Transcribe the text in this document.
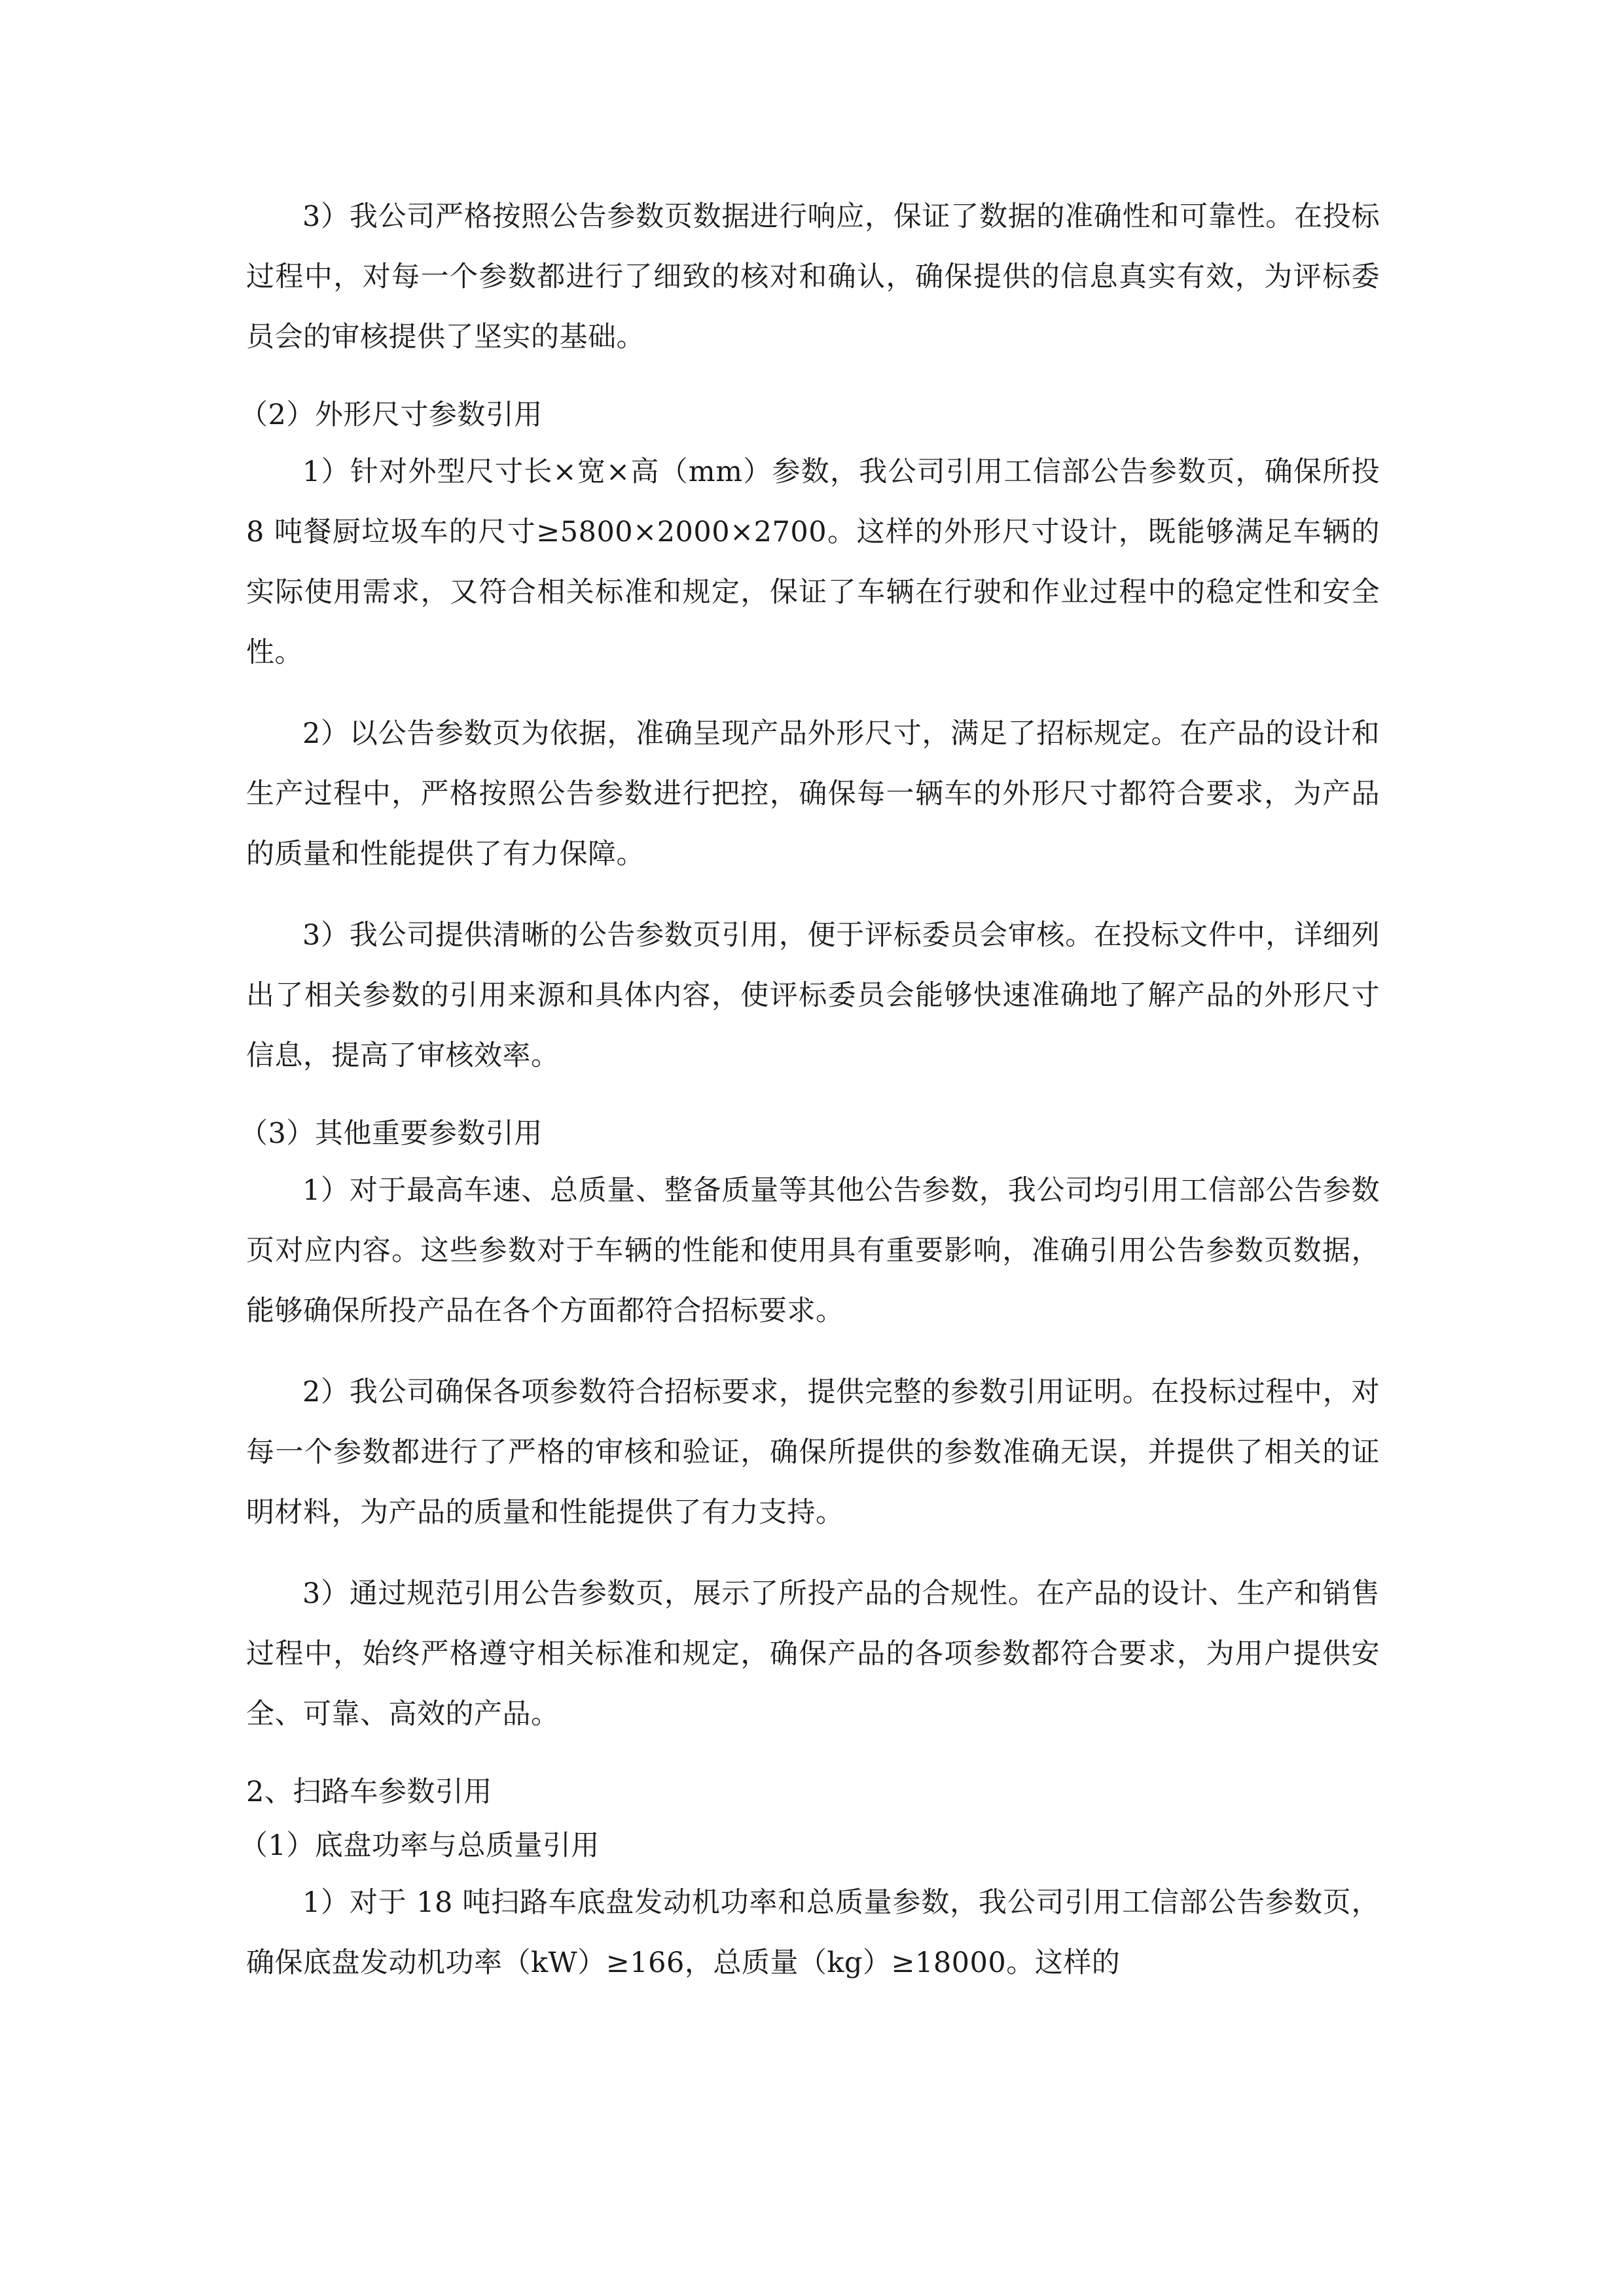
3）我公司严格按照公告参数页数据进行响应，保证了数据的准确性和可靠性。在投标过程中，对每一个参数都进行了细致的核对和确认，确保提供的信息真实有效，为评标委员会的审核提供了坚实的基础。

（2）外形尺寸参数引用

1）针对外型尺寸长×宽×高（mm）参数，我公司引用工信部公告参数页，确保所投 8 吨餐厨垃圾车的尺寸≥5800×2000×2700。这样的外形尺寸设计，既能够满足车辆的实际使用需求，又符合相关标准和规定，保证了车辆在行驶和作业过程中的稳定性和安全性。

2）以公告参数页为依据，准确呈现产品外形尺寸，满足了招标规定。在产品的设计和生产过程中，严格按照公告参数进行把控，确保每一辆车的外形尺寸都符合要求，为产品的质量和性能提供了有力保障。

3）我公司提供清晰的公告参数页引用，便于评标委员会审核。在投标文件中，详细列出了相关参数的引用来源和具体内容，使评标委员会能够快速准确地了解产品的外形尺寸信息，提高了审核效率。

（3）其他重要参数引用

1）对于最高车速、总质量、整备质量等其他公告参数，我公司均引用工信部公告参数页对应内容。这些参数对于车辆的性能和使用具有重要影响，准确引用公告参数页数据，能够确保所投产品在各个方面都符合招标要求。

2）我公司确保各项参数符合招标要求，提供完整的参数引用证明。在投标过程中，对每一个参数都进行了严格的审核和验证，确保所提供的参数准确无误，并提供了相关的证明材料，为产品的质量和性能提供了有力支持。

3）通过规范引用公告参数页，展示了所投产品的合规性。在产品的设计、生产和销售过程中，始终严格遵守相关标准和规定，确保产品的各项参数都符合要求，为用户提供安全、可靠、高效的产品。

2、扫路车参数引用

（1）底盘功率与总质量引用

1）对于 18 吨扫路车底盘发动机功率和总质量参数，我公司引用工信部公告参数页，确保底盘发动机功率（kW）≥166，总质量（kg）≥18000。这样的
